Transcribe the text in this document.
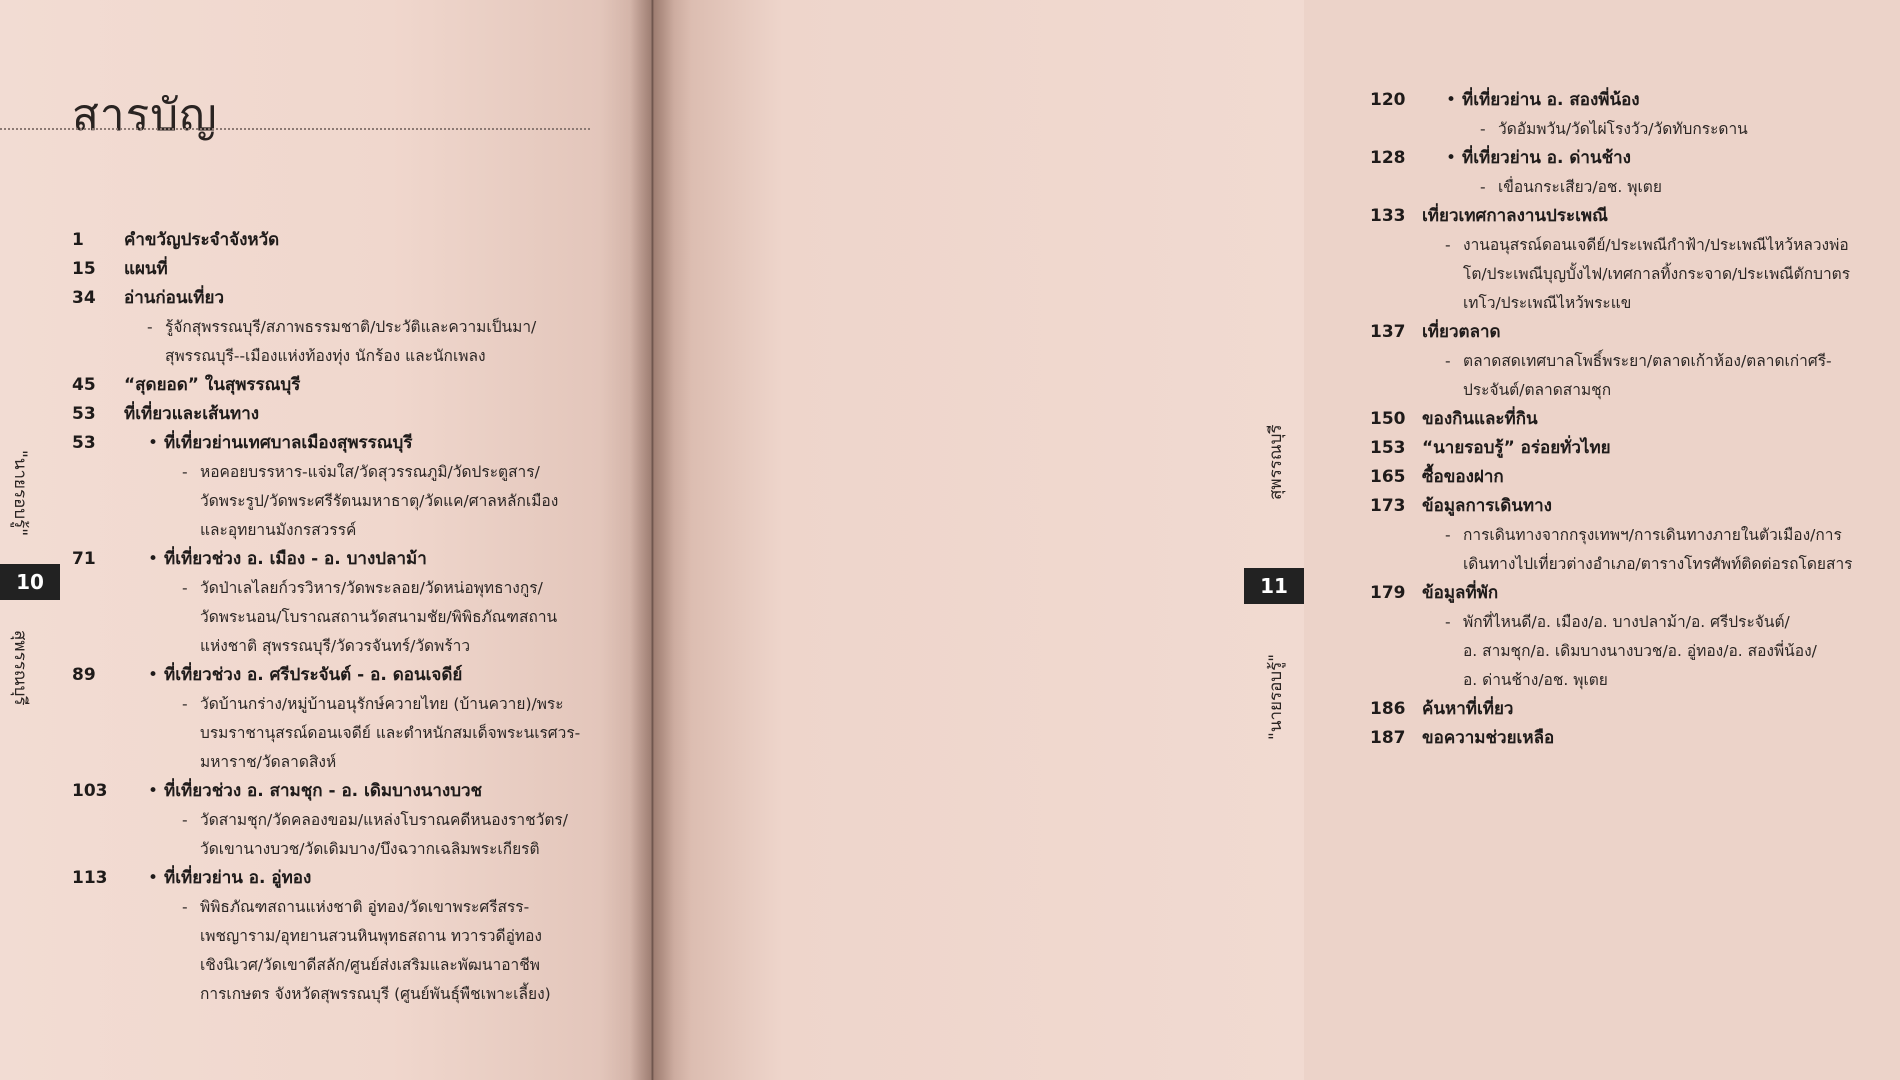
สารบัญ
1	คำขวัญประจำจังหวัด
15	แผนที่
34	อ่านก่อนเที่ยว
- รู้จักสุพรรณบุรี/สภาพธรรมชาติ/ประวัติและความเป็นมา/
สุพรรณบุรี--เมืองแห่งท้องทุ่ง นักร้อง และนักเพลง
45	“สุดยอด” ในสุพรรณบุรี
53	ที่เที่ยวและเส้นทาง
53	• ที่เที่ยวย่านเทศบาลเมืองสุพรรณบุรี
- หอคอยบรรหาร-แจ่มใส/วัดสุวรรณภูมิ/วัดประตูสาร/
วัดพระรูป/วัดพระศรีรัตนมหาธาตุ/วัดแค/ศาลหลักเมือง
และอุทยานมังกรสวรรค์
71	• ที่เที่ยวช่วง อ. เมือง - อ. บางปลาม้า
- วัดป่าเลไลยก์วรวิหาร/วัดพระลอย/วัดหน่อพุทธางกูร/
วัดพระนอน/โบราณสถานวัดสนามชัย/พิพิธภัณฑสถาน
แห่งชาติ สุพรรณบุรี/วัดวรจันทร์/วัดพร้าว
89	• ที่เที่ยวช่วง อ. ศรีประจันต์ - อ. ดอนเจดีย์
- วัดบ้านกร่าง/หมู่บ้านอนุรักษ์ควายไทย (บ้านควาย)/พระ
บรมราชานุสรณ์ดอนเจดีย์ และตำหนักสมเด็จพระนเรศวร-
มหาราช/วัดลาดสิงห์
103	• ที่เที่ยวช่วง อ. สามชุก - อ. เดิมบางนางบวช
- วัดสามชุก/วัดคลองขอม/แหล่งโบราณคดีหนองราชวัตร/
วัดเขานางบวช/วัดเดิมบาง/บึงฉวากเฉลิมพระเกียรติ
113	• ที่เที่ยวย่าน อ. อู่ทอง
- พิพิธภัณฑสถานแห่งชาติ อู่ทอง/วัดเขาพระศรีสรร-
เพชญาราม/อุทยานสวนหินพุทธสถาน ทวารวดีอู่ทอง
เชิงนิเวศ/วัดเขาดีสลัก/ศูนย์ส่งเสริมและพัฒนาอาชีพ
การเกษตร จังหวัดสุพรรณบุรี (ศูนย์พันธุ์พืชเพาะเลี้ยง)
120	• ที่เที่ยวย่าน อ. สองพี่น้อง
- วัดอัมพวัน/วัดไผ่โรงวัว/วัดทับกระดาน
128	• ที่เที่ยวย่าน อ. ด่านช้าง
- เขื่อนกระเสียว/อช. พุเตย
133 เที่ยวเทศกาลงานประเพณี
- งานอนุสรณ์ดอนเจดีย์/ประเพณีกำฟ้า/ประเพณีไหว้หลวงพ่อ
โต/ประเพณีบุญบั้งไฟ/เทศกาลทิ้งกระจาด/ประเพณีตักบาตร
เทโว/ประเพณีไหว้พระแข
137 เที่ยวตลาด
- ตลาดสดเทศบาลโพธิ์พระยา/ตลาดเก้าห้อง/ตลาดเก่าศรี-
ประจันต์/ตลาดสามชุก
150 ของกินและที่กิน
153 “นายรอบรู้” อร่อยทั่วไทย
165 ซื้อของฝาก
173 ข้อมูลการเดินทาง
- การเดินทางจากกรุงเทพฯ/การเดินทางภายในตัวเมือง/การ
เดินทางไปเที่ยวต่างอำเภอ/ตารางโทรศัพท์ติดต่อรถโดยสาร
179 ข้อมูลที่พัก
- พักที่ไหนดี/อ. เมือง/อ. บางปลาม้า/อ. ศรีประจันต์/
อ. สามชุก/อ. เดิมบางนางบวช/อ. อู่ทอง/อ. สองพี่น้อง/
อ. ด่านช้าง/อช. พุเตย
186 ค้นหาที่เที่ยว
187 ขอความช่วยเหลือ
10	11
"นายรอบรู้"
สุพรรณบุรี
สุพรรณบุรี
"นายรอบรู้"
